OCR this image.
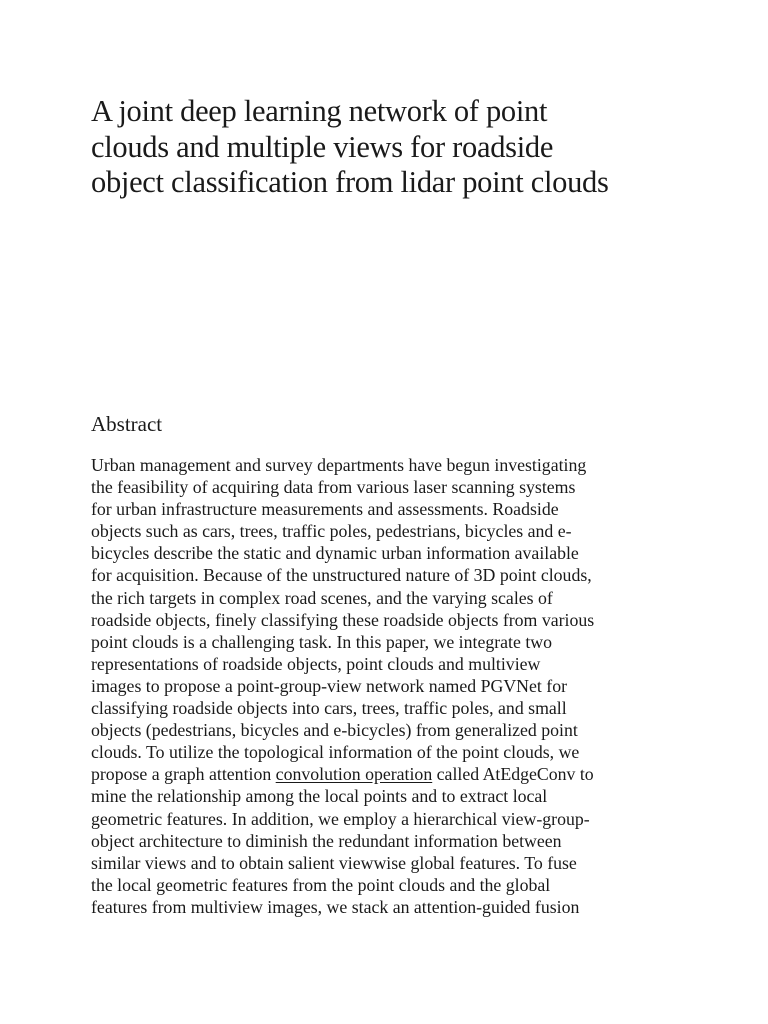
A joint deep learning network of point
clouds and multiple views for roadside
object classification from lidar point clouds
Abstract

Urban management and survey departments have begun investigating
the feasibility of acquiring data from various laser scanning systems
for urban infrastructure measurements and assessments. Roadside
objects such as cars, trees, traffic poles, pedestrians, bicycles and e-
bicycles describe the static and dynamic urban information available
for acquisition. Because of the unstructured nature of 3D point clouds,
the rich targets in complex road scenes, and the varying scales of
roadside objects, finely classifying these roadside objects from various
point clouds is a challenging task. In this paper, we integrate two
representations of roadside objects, point clouds and multiview
images to propose a point-group-view network named PGVNet for
classifying roadside objects into cars, trees, traffic poles, and small
objects (pedestrians, bicycles and e-bicycles) from generalized point
clouds. To utilize the topological information of the point clouds, we
propose a graph attention convolution operation called AtEdgeConv to
mine the relationship among the local points and to extract local
geometric features. In addition, we employ a hierarchical view-group-
object architecture to diminish the redundant information between
similar views and to obtain salient viewwise global features. To fuse
the local geometric features from the point clouds and the global
features from multiview images, we stack an attention-guided fusion
